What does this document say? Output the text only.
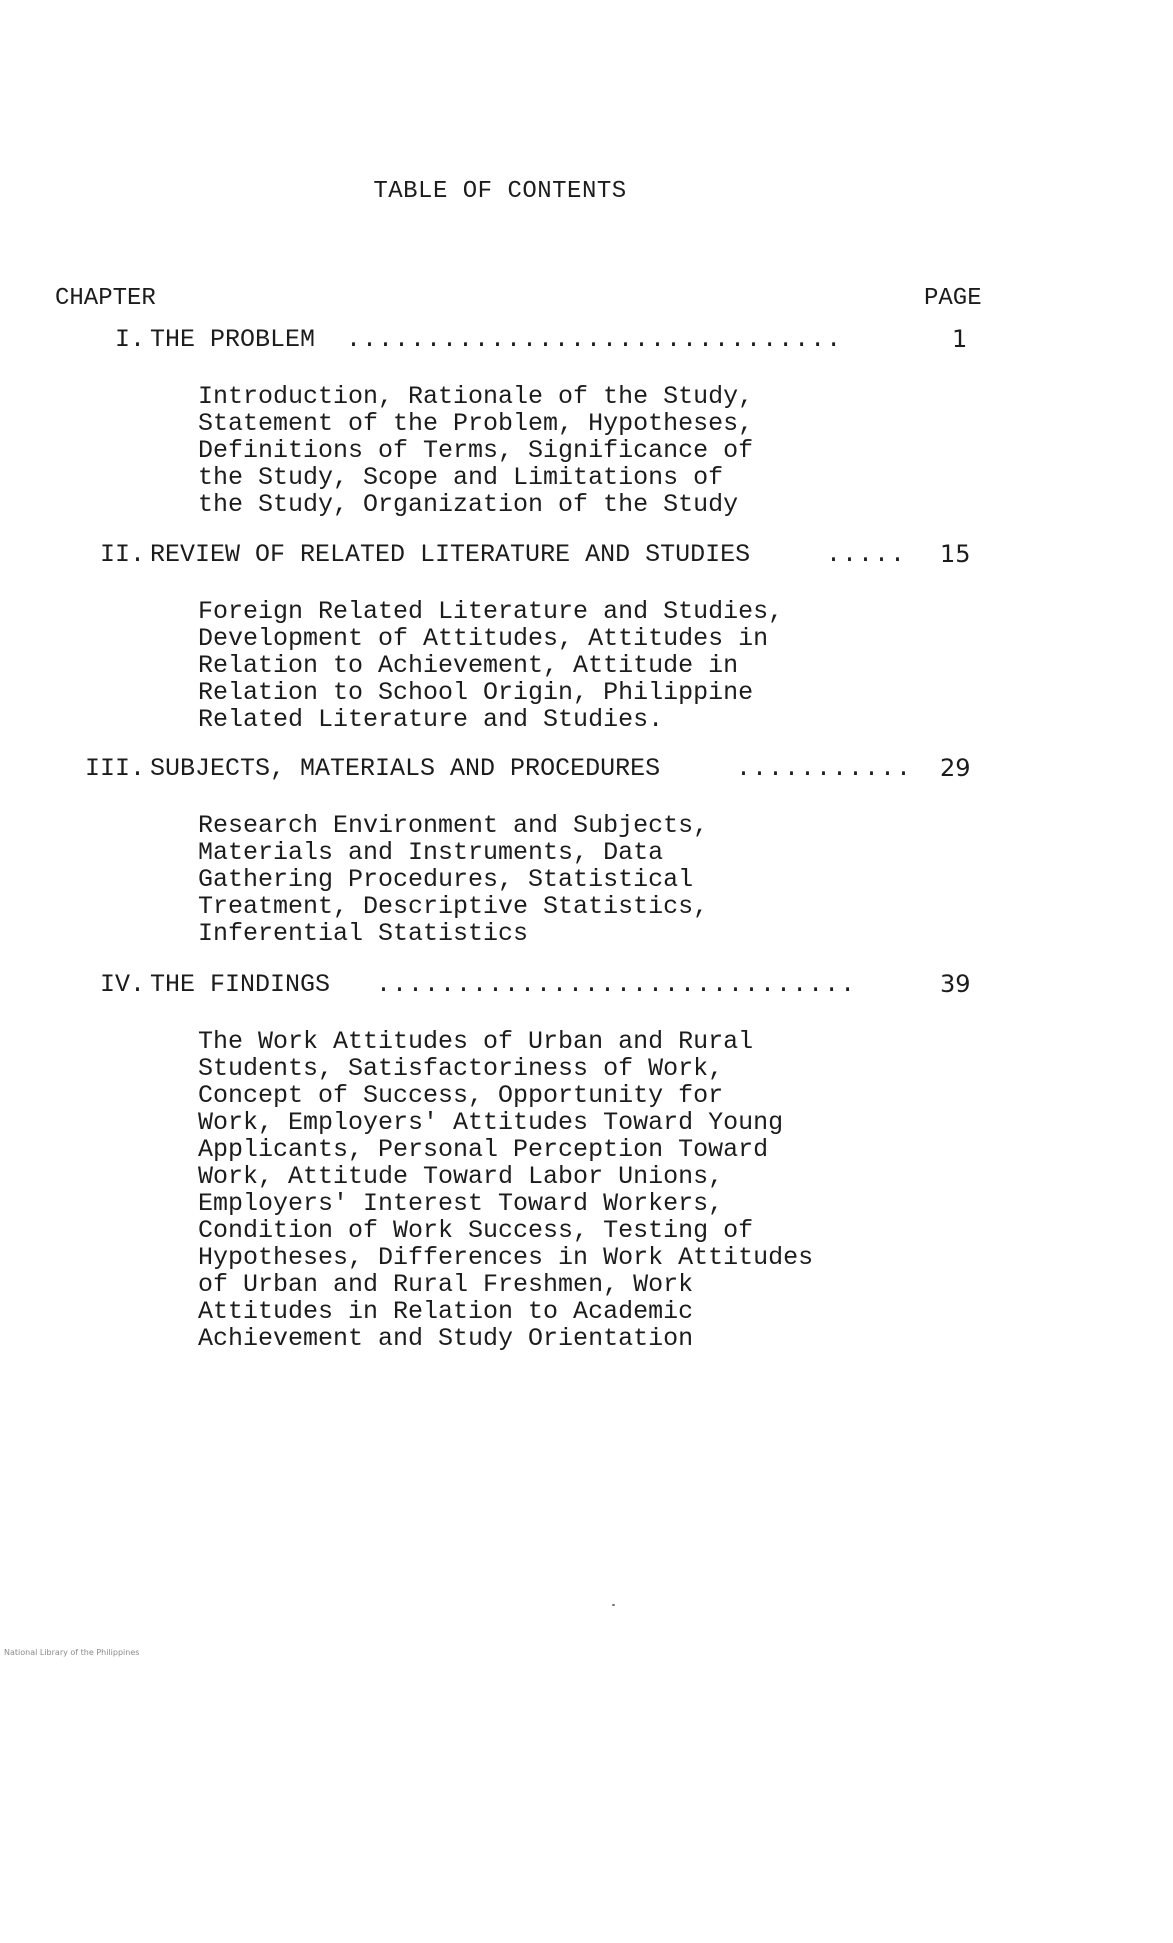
TABLE OF CONTENTS
CHAPTER	PAGE
I. THE PROBLEM ...............................	1
Introduction, Rationale of the Study,
Statement of the Problem, Hypotheses,
Definitions of Terms, Significance of
the Study, Scope and Limitations of
the Study, Organization of the Study
II. REVIEW OF RELATED LITERATURE AND STUDIES	..... 15
Foreign Related Literature and Studies,
Development of Attitudes, Attitudes in
Relation to Achievement, Attitude in
Relation to School Origin, Philippine
Related Literature and Studies.
III. SUBJECTS, MATERIALS AND PROCEDURES	........... 29
Research Environment and Subjects,
Materials and Instruments, Data
Gathering Procedures, Statistical
Treatment, Descriptive Statistics,
Inferential Statistics
IV. THE FINDINGS ..............................	39
The Work Attitudes of Urban and Rural
Students, Satisfactoriness of Work,
Concept of Success, Opportunity for
Work, Employers' Attitudes Toward Young
Applicants, Personal Perception Toward
Work, Attitude Toward Labor Unions,
Employers' Interest Toward Workers,
Condition of Work Success, Testing of
Hypotheses, Differences in Work Attitudes
of Urban and Rural Freshmen, Work
Attitudes in Relation to Academic
Achievement and Study Orientation
National Library of the Philippines
